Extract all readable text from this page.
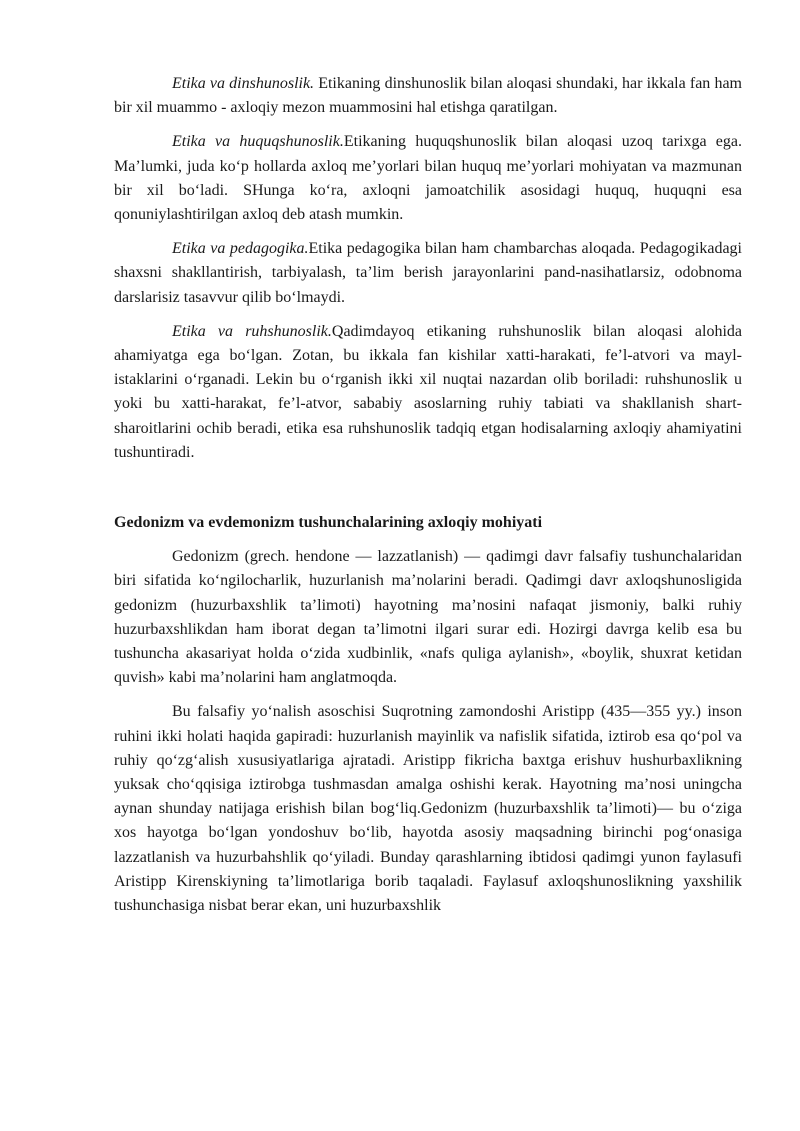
Etika va dinshunoslik. Etikaning dinshunoslik bilan aloqasi shundaki, har ikkala fan ham bir xil muammo - axloqiy mezon muammosini hal etishga qaratilgan.

Etika va huquqshunoslik.Etikaning huquqshunoslik bilan aloqasi uzoq tarixga ega. Ma’lumki, juda ko‘p hollarda axloq me’yorlari bilan huquq me’yorlari mohiyatan va mazmunan bir xil bo‘ladi. SHunga ko‘ra, axloqni jamoatchilik asosidagi huquq, huquqni esa qonuniylashtirilgan axloq deb atash mumkin.

Etika va pedagogika.Etika pedagogika bilan ham chambarchas aloqada. Pedagogikadagi shaxsni shakllantirish, tarbiyalash, ta’lim berish jarayonlarini pand-nasihatlarsiz, odobnoma darslarisiz tasavvur qilib bo‘lmaydi.

Etika va ruhshunoslik.Qadimdayoq etikaning ruhshunoslik bilan aloqasi alohida ahamiyatga ega bo‘lgan. Zotan, bu ikkala fan kishilar xatti-harakati, fe’l-atvori va mayl-istaklarini o‘rganadi. Lekin bu o‘rganish ikki xil nuqtai nazardan olib boriladi: ruhshunoslik u yoki bu xatti-harakat, fe’l-atvor, sababiy asoslarning ruhiy tabiati va shakllanish shart-sharoitlarini ochib beradi, etika esa ruhshunoslik tadqiq etgan hodisalarning axloqiy ahamiyatini tushuntiradi.

Gedonizm va evdemonizm tushunchalarining axloqiy mohiyati

Gedonizm (grech. hendone — lazzatlanish) — qadimgi davr falsafiy tushunchalaridan biri sifatida ko‘ngilocharlik, huzurlanish ma’nolarini beradi. Qadimgi davr axloqshunosligida gedonizm (huzurbaxshlik ta’limoti) hayotning ma’nosini nafaqat jismoniy, balki ruhiy huzurbaxshlikdan ham iborat degan ta’limotni ilgari surar edi. Hozirgi davrga kelib esa bu tushuncha akasariyat holda o‘zida xudbinlik, «nafs quliga aylanish», «boylik, shuxrat ketidan quvish» kabi ma’nolarini ham anglatmoqda.

Bu falsafiy yo‘nalish asoschisi Suqrotning zamondoshi Aristipp (435—355 yy.) inson ruhini ikki holati haqida gapiradi: huzurlanish mayinlik va nafislik sifatida, iztirob esa qo‘pol va ruhiy qo‘zg‘alish xususiyatlariga ajratadi. Aristipp fikricha baxtga erishuv hushurbaxlikning yuksak cho‘qqisiga iztirobga tushmasdan amalga oshishi kerak. Hayotning ma’nosi uningcha aynan shunday natijaga erishish bilan bog‘liq.Gedonizm (huzurbaxshlik ta’limoti)— bu o‘ziga xos hayotga bo‘lgan yondoshuv bo‘lib, hayotda asosiy maqsadning birinchi pog‘onasiga lazzatlanish va huzurbahshlik qo‘yiladi. Bunday qarashlarning ibtidosi qadimgi yunon faylasufi Aristipp Kirenskiyning ta’limotlariga borib taqaladi. Faylasuf axloqshunoslikning yaxshilik tushunchasiga nisbat berar ekan, uni huzurbaxshlik
